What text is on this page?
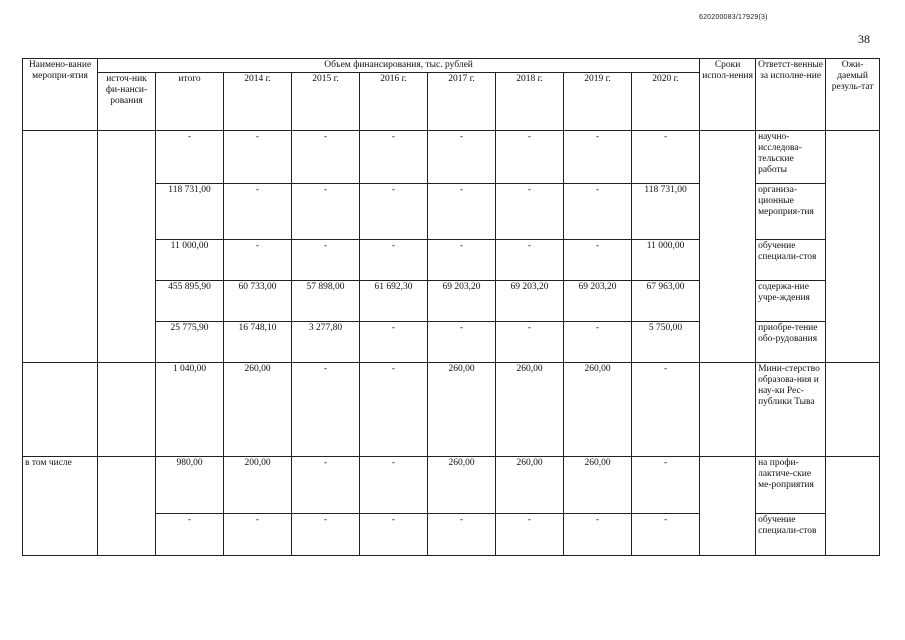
620200083/17929(3)
38
Наимено-вание меропри-ятия	Объем финансирования, тыс. рублей									Сроки испол-нения	Ответст-венные за исполне-ние	Ожи-даемый резуль-тат
	источ-ник фи-нанси-рования	итого	2014 г.	2015 г.	2016 г.	2017 г.	2018 г.	2019 г.	2020 г.			
		-	-	-	-	-	-	-	-		научно-исследова-тельские работы	
		118 731,00	-	-	-	-	-	-	118 731,00		организа-ционные мероприя-тия	
		11 000,00	-	-	-	-	-	-	11 000,00		обучение специали-стов	
		455 895,90	60 733,00	57 898,00	61 692,30	69 203,20	69 203,20	69 203,20	67 963,00		содержа-ние учре-ждения	
		25 775,90	16 748,10	3 277,80	-	-	-	-	5 750,00		приобре-тение обо-рудования	
		1 040,00	260,00	-	-	260,00	260,00	260,00	-		Мини-стерство образова-ния и нау-ки Рес-публики Тыва	
в том числе		980,00	200,00	-	-	260,00	260,00	260,00	-		на профи-лактиче-ские ме-роприятия	
		-	-	-	-	-	-	-	-		обучение специали-стов	
